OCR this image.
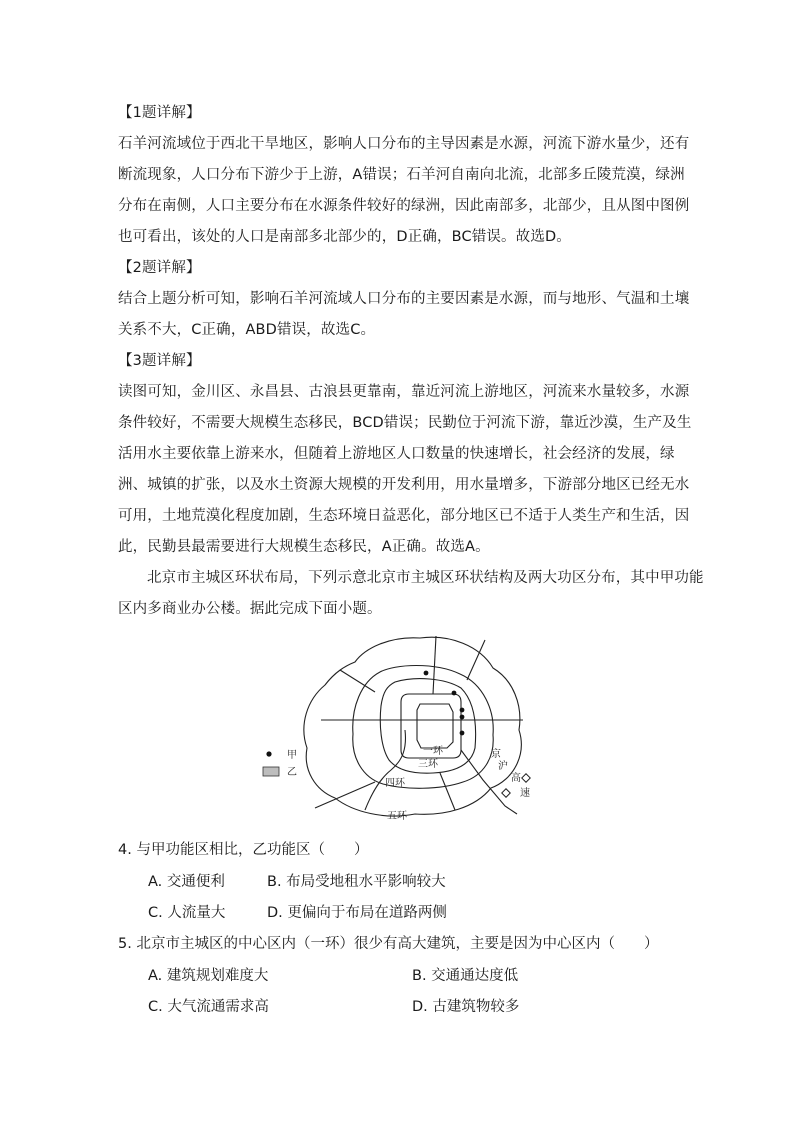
【1题详解】
石羊河流域位于西北干旱地区，影响人口分布的主导因素是水源，河流下游水量少，还有
断流现象，人口分布下游少于上游，A错误；石羊河自南向北流，北部多丘陵荒漠，绿洲
分布在南侧，人口主要分布在水源条件较好的绿洲，因此南部多，北部少，且从图中图例
也可看出，该处的人口是南部多北部少的，D正确，BC错误。故选D。
【2题详解】
结合上题分析可知，影响石羊河流域人口分布的主要因素是水源，而与地形、气温和土壤
关系不大，C正确，ABD错误，故选C。
【3题详解】
读图可知，金川区、永昌县、古浪县更靠南，靠近河流上游地区，河流来水量较多，水源
条件较好，不需要大规模生态移民，BCD错误；民勤位于河流下游，靠近沙漠，生产及生
活用水主要依靠上游来水，但随着上游地区人口数量的快速增长，社会经济的发展，绿
洲、城镇的扩张，以及水土资源大规模的开发利用，用水量增多，下游部分地区已经无水
可用，土地荒漠化程度加剧，生态环境日益恶化，部分地区已不适于人类生产和生活，因
此，民勤县最需要进行大规模生态移民，A正确。故选A。
北京市主城区环状布局，下列示意北京市主城区环状结构及两大功区分布，其中甲功能
区内多商业办公楼。据此完成下面小题。
一环
三环
四环
五环
京
沪
高
速
甲
乙
4. 与甲功能区相比，乙功能区（　　）
A. 交通便利	B. 布局受地租水平影响较大
C. 人流量大	D. 更偏向于布局在道路两侧
5. 北京市主城区的中心区内（一环）很少有高大建筑，主要是因为中心区内（　　）
A. 建筑规划难度大	B. 交通通达度低
C. 大气流通需求高	D. 古建筑物较多
